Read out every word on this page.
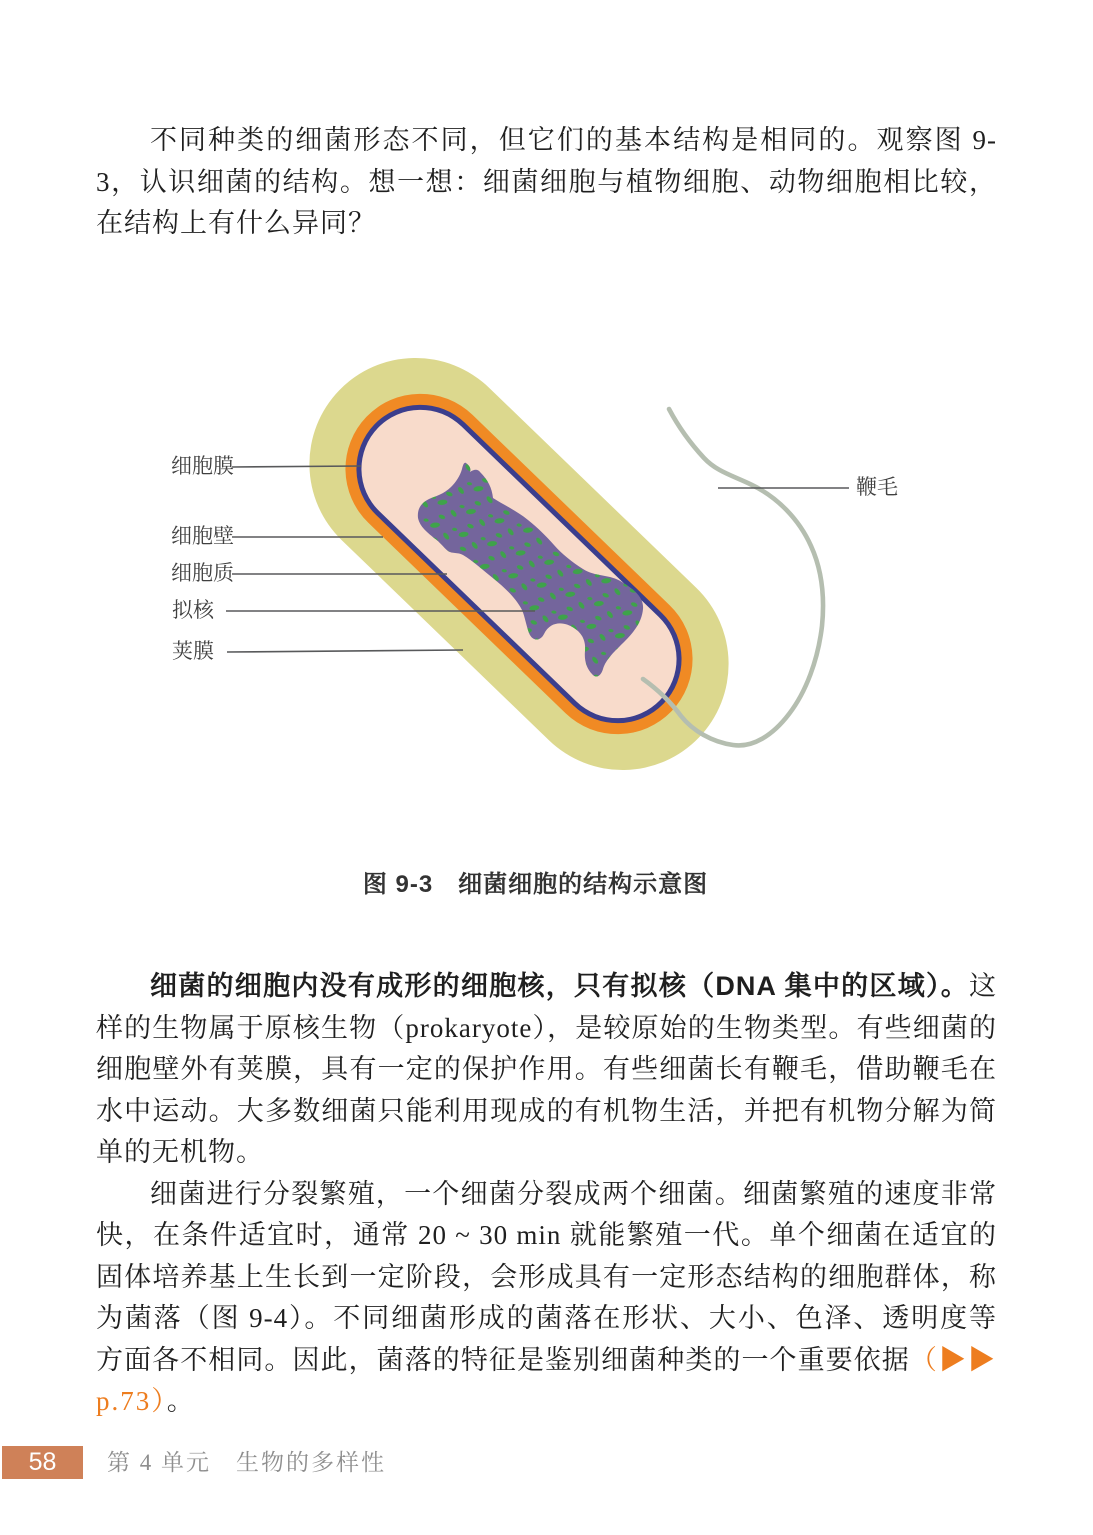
不同种类的细菌形态不同，但它们的基本结构是相同的。观察图 9-3，认识细菌的结构。想一想：细菌细胞与植物细胞、动物细胞相比较，在结构上有什么异同？

细胞膜
细胞壁
细胞质
拟核
荚膜
鞭毛
图 9-3　细菌细胞的结构示意图

细菌的细胞内没有成形的细胞核，只有拟核（DNA 集中的区域）。这样的生物属于原核生物（prokaryote），是较原始的生物类型。有些细菌的细胞壁外有荚膜，具有一定的保护作用。有些细菌长有鞭毛，借助鞭毛在水中运动。大多数细菌只能利用现成的有机物生活，并把有机物分解为简单的无机物。

细菌进行分裂繁殖，一个细菌分裂成两个细菌。细菌繁殖的速度非常快，在条件适宜时，通常 20 ~ 30 min 就能繁殖一代。单个细菌在适宜的固体培养基上生长到一定阶段，会形成具有一定形态结构的细胞群体，称为菌落（图 9-4）。不同细菌形成的菌落在形状、大小、色泽、透明度等方面各不相同。因此，菌落的特征是鉴别细菌种类的一个重要依据（▶▶ p.73）。

58	第 4 单元　生物的多样性
